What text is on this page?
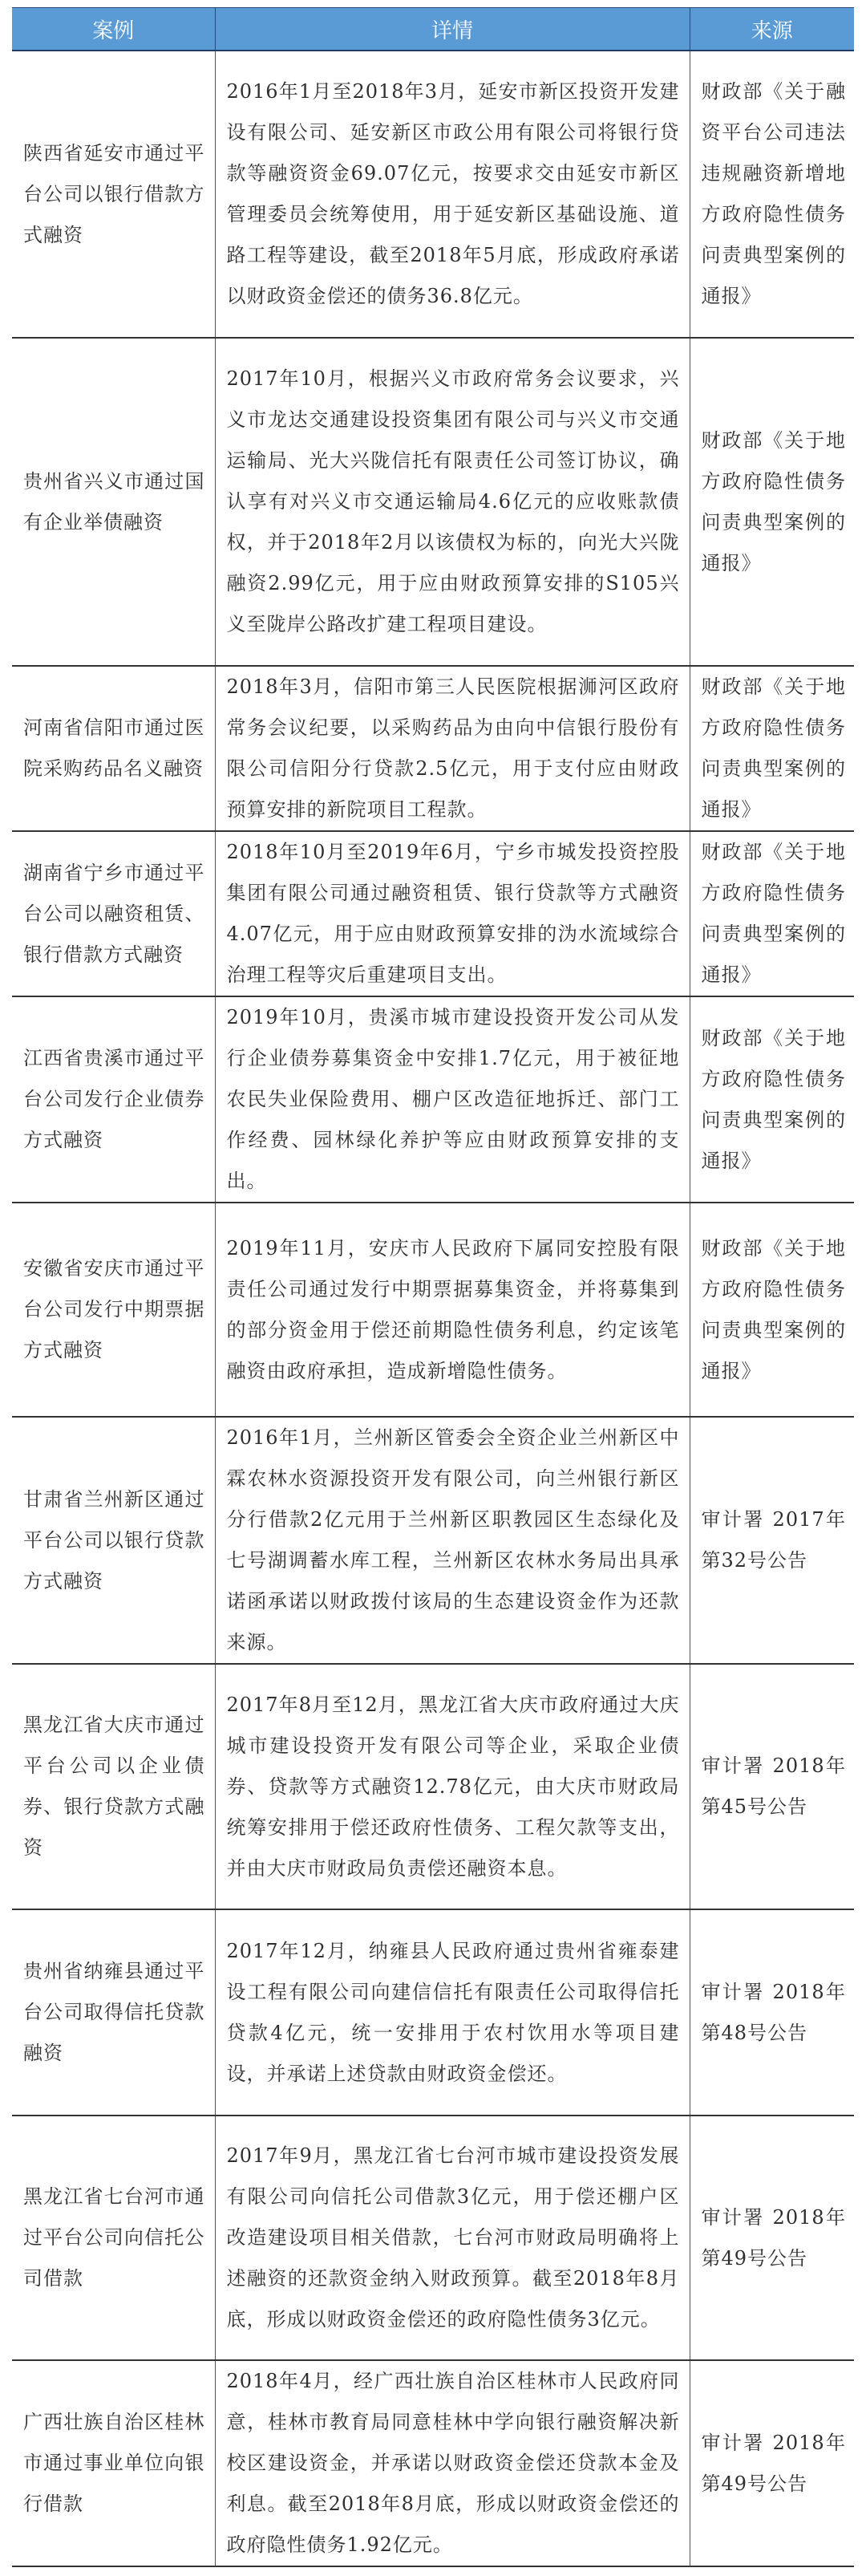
案例	详情	来源
陕西省延安市通过平台公司以银行借款方式融资	2016年1月至2018年3月，延安市新区投资开发建设有限公司、延安新区市政公用有限公司将银行贷款等融资资金69.07亿元，按要求交由延安市新区管理委员会统筹使用，用于延安新区基础设施、道路工程等建设，截至2018年5月底，形成政府承诺以财政资金偿还的债务36.8亿元。	财政部《关于融资平台公司违法违规融资新增地方政府隐性债务问责典型案例的通报》
贵州省兴义市通过国有企业举债融资	2017年10月，根据兴义市政府常务会议要求，兴义市龙达交通建设投资集团有限公司与兴义市交通运输局、光大兴陇信托有限责任公司签订协议，确认享有对兴义市交通运输局4.6亿元的应收账款债权，并于2018年2月以该债权为标的，向光大兴陇融资2.99亿元，用于应由财政预算安排的S105兴义至陇岸公路改扩建工程项目建设。	财政部《关于地方政府隐性债务问责典型案例的通报》
河南省信阳市通过医院采购药品名义融资	2018年3月，信阳市第三人民医院根据浉河区政府常务会议纪要，以采购药品为由向中信银行股份有限公司信阳分行贷款2.5亿元，用于支付应由财政预算安排的新院项目工程款。	财政部《关于地方政府隐性债务问责典型案例的通报》
湖南省宁乡市通过平台公司以融资租赁、银行借款方式融资	2018年10月至2019年6月，宁乡市城发投资控股集团有限公司通过融资租赁、银行贷款等方式融资4.07亿元，用于应由财政预算安排的沩水流域综合治理工程等灾后重建项目支出。	财政部《关于地方政府隐性债务问责典型案例的通报》
江西省贵溪市通过平台公司发行企业债券方式融资	2019年10月，贵溪市城市建设投资开发公司从发行企业债券募集资金中安排1.7亿元，用于被征地农民失业保险费用、棚户区改造征地拆迁、部门工作经费、园林绿化养护等应由财政预算安排的支出。	财政部《关于地方政府隐性债务问责典型案例的通报》
安徽省安庆市通过平台公司发行中期票据方式融资	2019年11月，安庆市人民政府下属同安控股有限责任公司通过发行中期票据募集资金，并将募集到的部分资金用于偿还前期隐性债务利息，约定该笔融资由政府承担，造成新增隐性债务。	财政部《关于地方政府隐性债务问责典型案例的通报》
甘肃省兰州新区通过平台公司以银行贷款方式融资	2016年1月，兰州新区管委会全资企业兰州新区中霖农林水资源投资开发有限公司，向兰州银行新区分行借款2亿元用于兰州新区职教园区生态绿化及七号湖调蓄水库工程，兰州新区农林水务局出具承诺函承诺以财政拨付该局的生态建设资金作为还款来源。	审计署 2017年第32号公告
黑龙江省大庆市通过平台公司以企业债券、银行贷款方式融资	2017年8月至12月，黑龙江省大庆市政府通过大庆城市建设投资开发有限公司等企业，采取企业债券、贷款等方式融资12.78亿元，由大庆市财政局统筹安排用于偿还政府性债务、工程欠款等支出，并由大庆市财政局负责偿还融资本息。	审计署 2018年第45号公告
贵州省纳雍县通过平台公司取得信托贷款融资	2017年12月，纳雍县人民政府通过贵州省雍泰建设工程有限公司向建信信托有限责任公司取得信托贷款4亿元，统一安排用于农村饮用水等项目建设，并承诺上述贷款由财政资金偿还。	审计署 2018年第48号公告
黑龙江省七台河市通过平台公司向信托公司借款	2017年9月，黑龙江省七台河市城市建设投资发展有限公司向信托公司借款3亿元，用于偿还棚户区改造建设项目相关借款，七台河市财政局明确将上述融资的还款资金纳入财政预算。截至2018年8月底，形成以财政资金偿还的政府隐性债务3亿元。	审计署 2018年第49号公告
广西壮族自治区桂林市通过事业单位向银行借款	2018年4月，经广西壮族自治区桂林市人民政府同意，桂林市教育局同意桂林中学向银行融资解决新校区建设资金，并承诺以财政资金偿还贷款本金及利息。截至2018年8月底，形成以财政资金偿还的政府隐性债务1.92亿元。	审计署 2018年第49号公告
